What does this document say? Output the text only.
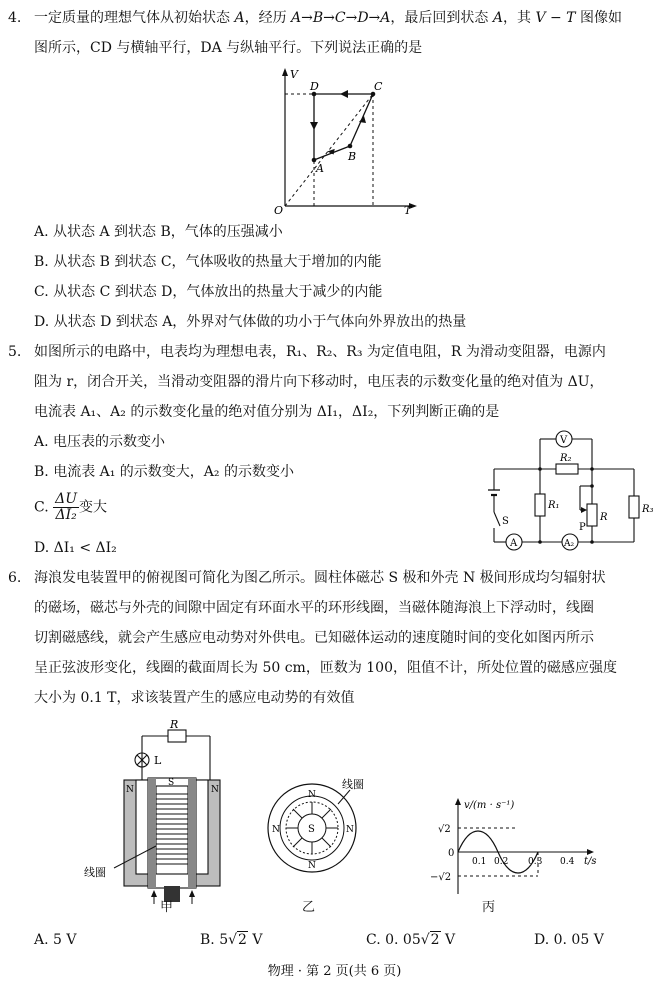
4. 一定质量的理想气体从初始状态 A，经历 A→B→C→D→A，最后回到状态 A，其 V − T 图像如
图所示，CD 与横轴平行，DA 与纵轴平行。下列说法正确的是
V
T
O
A
B
C
D
A. 从状态 A 到状态 B，气体的压强减小
B. 从状态 B 到状态 C，气体吸收的热量大于增加的内能
C. 从状态 C 到状态 D，气体放出的热量大于减少的内能
D. 从状态 D 到状态 A，外界对气体做的功小于气体向外界放出的热量
5. 如图所示的电路中，电表均为理想电表，R₁、R₂、R₃ 为定值电阻，R 为滑动变阻器，电源内
阻为 r，闭合开关，当滑动变阻器的滑片向下移动时，电压表的示数变化量的绝对值为 ΔU，
电流表 A₁、A₂ 的示数变化量的绝对值分别为 ΔI₁，ΔI₂，下列判断正确的是
A. 电压表的示数变小
B. 电流表 A₁ 的示数变大，A₂ 的示数变小
C. $\frac{\Delta U}{\text{ΔI₂}}$ 变大
D. ΔI₁ < ΔI₂
V
R₂
R₁
R
R₃
P
S
A	A₂
6. 海浪发电装置甲的俯视图可简化为图乙所示。圆柱体磁芯 S 极和外壳 N 极间形成均匀辐射状
的磁场，磁芯与外壳的间隙中固定有环面水平的环形线圈，当磁体随海浪上下浮动时，线圈
切割磁感线，就会产生感应电动势对外供电。已知磁体运动的速度随时间的变化如图丙所示
呈正弦波形变化，线圈的截面周长为 50 cm，匝数为 100，阻值不计，所处位置的磁感应强度
大小为 0.1 T，求该装置产生的感应电动势的有效值
R
L
N	N
S
线圈
甲
S
N
N
N	N
线圈
乙
v/(m · s⁻¹)
t/s
0
√2
−√2
0.1 0.2 0.3 0.4
丙
A. 5 V	B. 5√2 V	C. 0. 05√2 V	D. 0. 05 V
物理 · 第 2 页(共 6 页)
